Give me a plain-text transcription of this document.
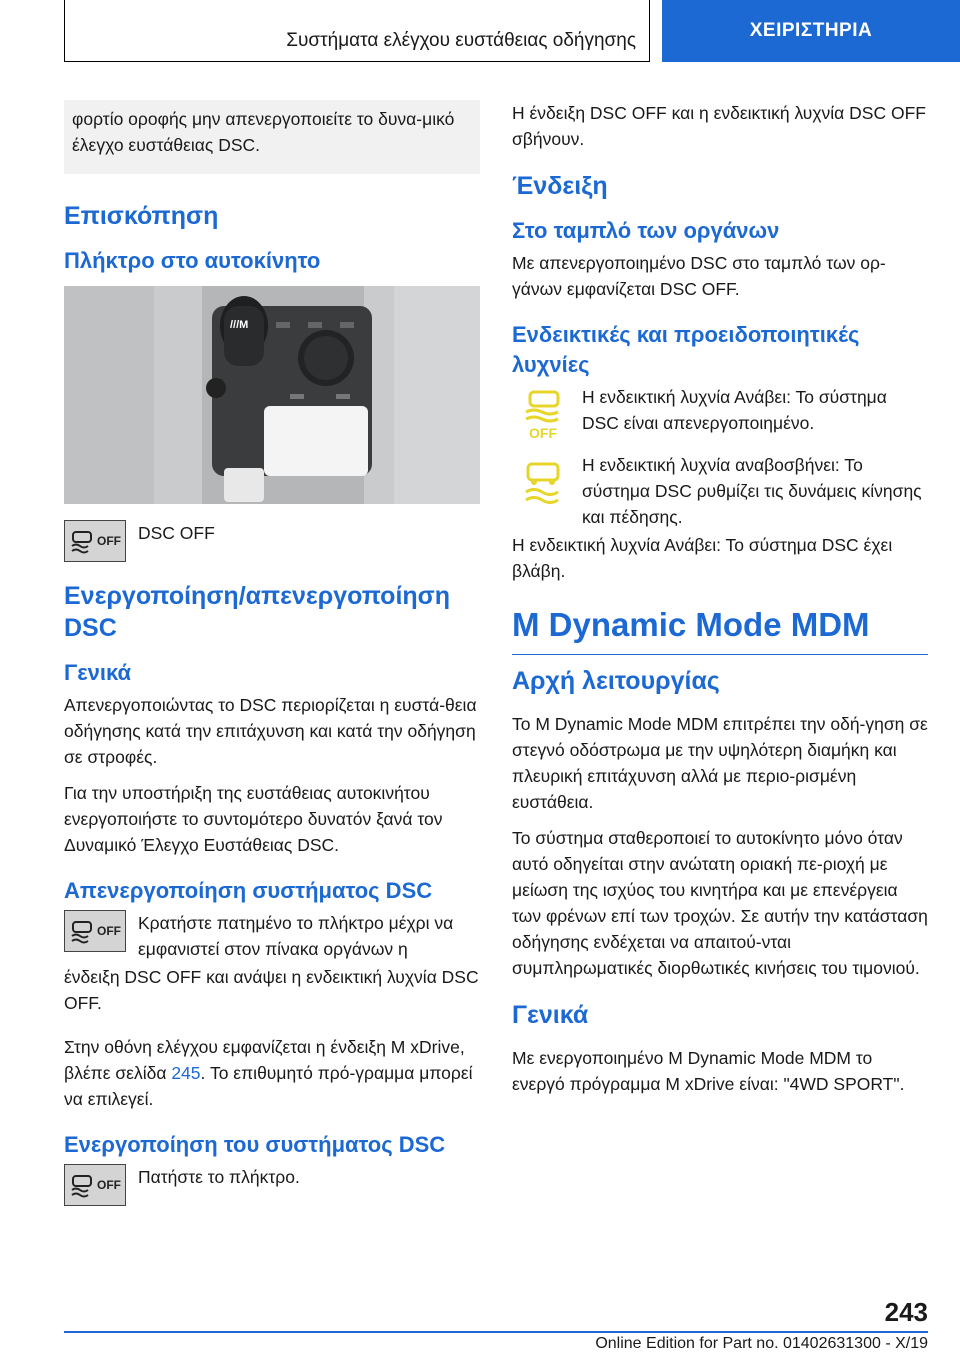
Συστήματα ελέγχου ευστάθειας οδήγησης	ΧΕΙΡΙΣΤΗΡΙΑ
φορτίο οροφής μην απενεργοποιείτε το δυνα-μικό έλεγχο ευστάθειας DSC.
Επισκόπηση
Πλήκτρο στο αυτοκίνητο
///M
OFF DSC OFF
Ενεργοποίηση/απενεργοποίηση DSC
Γενικά

Απενεργοποιώντας το DSC περιορίζεται η ευστά-θεια οδήγησης κατά την επιτάχυνση και κατά την οδήγηση σε στροφές.

Για την υποστήριξη της ευστάθειας αυτοκινήτου ενεργοποιήστε το συντομότερο δυνατόν ξανά τον Δυναμικό Έλεγχο Ευστάθειας DSC.

Απενεργοποίηση συστήματος DSC
OFF Κρατήστε πατημένο το πλήκτρο μέχρι να εμφανιστεί στον πίνακα οργάνων η

ένδειξη DSC OFF και ανάψει η ενδεικτική λυχνία DSC OFF.

Στην οθόνη ελέγχου εμφανίζεται η ένδειξη M xDrive, βλέπε σελίδα 245. Το επιθυμητό πρό-γραμμα μπορεί να επιλεγεί.

Ενεργοποίηση του συστήματος DSC
OFF Πατήστε το πλήκτρο.

Η ένδειξη DSC OFF και η ενδεικτική λυχνία DSC OFF σβήνουν.

Ένδειξη
Στο ταμπλό των οργάνων

Με απενεργοποιημένο DSC στο ταμπλό των ορ-γάνων εμφανίζεται DSC OFF.

Ενδεικτικές και προειδοποιητικές λυχνίες
OFF
Η ενδεικτική λυχνία Ανάβει: Το σύστημα DSC είναι απενεργοποιημένο.
Η ενδεικτική λυχνία αναβοσβήνει: Το σύστημα DSC ρυθμίζει τις δυνάμεις κίνησης και πέδησης.

Η ενδεικτική λυχνία Ανάβει: Το σύστημα DSC έχει βλάβη.

M Dynamic Mode MDM
Αρχή λειτουργίας

Το M Dynamic Mode MDM επιτρέπει την οδή-γηση σε στεγνό οδόστρωμα με την υψηλότερη διαμήκη και πλευρική επιτάχυνση αλλά με περιο-ρισμένη ευστάθεια.

Το σύστημα σταθεροποιεί το αυτοκίνητο μόνο όταν αυτό οδηγείται στην ανώτατη οριακή πε-ριοχή με μείωση της ισχύος του κινητήρα και με επενέργεια των φρένων επί των τροχών. Σε αυτήν την κατάσταση οδήγησης ενδέχεται να απαιτού-νται συμπληρωματικές διορθωτικές κινήσεις του τιμονιού.

Γενικά

Με ενεργοποιημένο M Dynamic Mode MDM το ενεργό πρόγραμμα M xDrive είναι: "4WD SPORT".

243
Online Edition for Part no. 01402631300 - X/19
